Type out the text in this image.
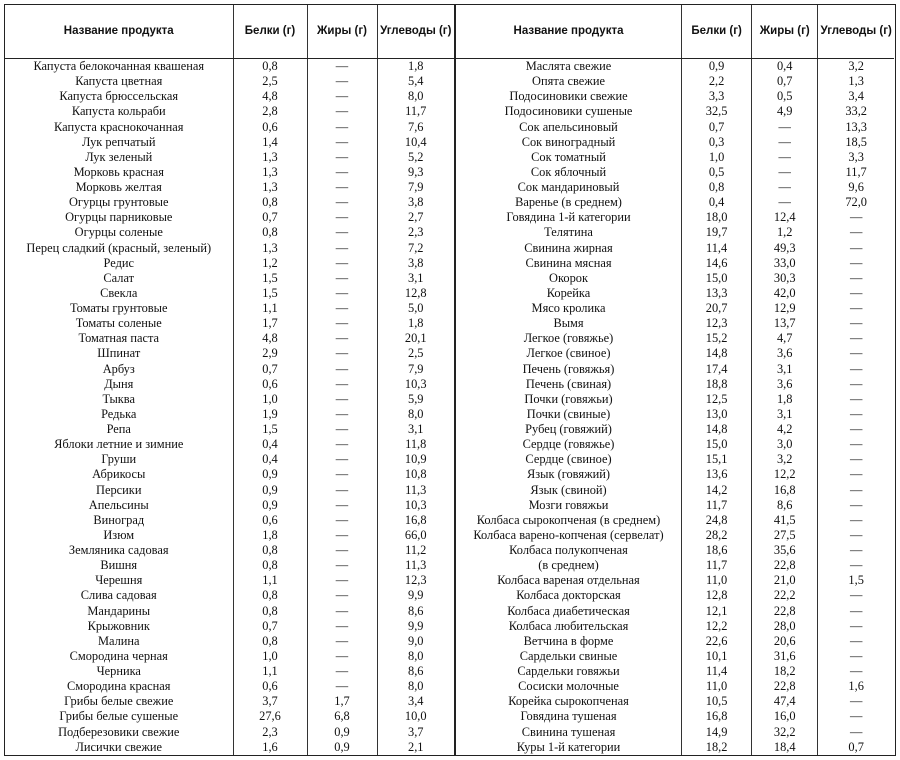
Название продукта	Белки (г)	Жиры (г)	Углеводы (г)
Капуста белокочанная квашеная	0,8	—	1,8
Капуста цветная	2,5	—	5,4
Капуста брюссельская	4,8	—	8,0
Капуста кольраби	2,8	—	11,7
Капуста краснокочанная	0,6	—	7,6
Лук репчатый	1,4	—	10,4
Лук зеленый	1,3	—	5,2
Морковь красная	1,3	—	9,3
Морковь желтая	1,3	—	7,9
Огурцы грунтовые	0,8	—	3,8
Огурцы парниковые	0,7	—	2,7
Огурцы соленые	0,8	—	2,3
Перец сладкий (красный, зеленый)	1,3	—	7,2
Редис	1,2	—	3,8
Салат	1,5	—	3,1
Свекла	1,5	—	12,8
Томаты грунтовые	1,1	—	5,0
Томаты соленые	1,7	—	1,8
Томатная паста	4,8	—	20,1
Шпинат	2,9	—	2,5
Арбуз	0,7	—	7,9
Дыня	0,6	—	10,3
Тыква	1,0	—	5,9
Редька	1,9	—	8,0
Репа	1,5	—	3,1
Яблоки летние и зимние	0,4	—	11,8
Груши	0,4	—	10,9
Абрикосы	0,9	—	10,8
Персики	0,9	—	11,3
Апельсины	0,9	—	10,3
Виноград	0,6	—	16,8
Изюм	1,8	—	66,0
Земляника садовая	0,8	—	11,2
Вишня	0,8	—	11,3
Черешня	1,1	—	12,3
Слива садовая	0,8	—	9,9
Мандарины	0,8	—	8,6
Крыжовник	0,7	—	9,9
Малина	0,8	—	9,0
Смородина черная	1,0	—	8,0
Черника	1,1	—	8,6
Смородина красная	0,6	—	8,0
Грибы белые свежие	3,7	1,7	3,4
Грибы белые сушеные	27,6	6,8	10,0
Подберезовики свежие	2,3	0,9	3,7
Лисички свежие	1,6	0,9	2,1
Название продукта	Белки (г)	Жиры (г)	Углеводы (г)
Маслята свежие	0,9	0,4	3,2
Опята свежие	2,2	0,7	1,3
Подосиновики свежие	3,3	0,5	3,4
Подосиновики сушеные	32,5	4,9	33,2
Сок апельсиновый	0,7	—	13,3
Сок виноградный	0,3	—	18,5
Сок томатный	1,0	—	3,3
Сок яблочный	0,5	—	11,7
Сок мандариновый	0,8	—	9,6
Варенье (в среднем)	0,4	—	72,0
Говядина 1-й категории	18,0	12,4	—
Телятина	19,7	1,2	—
Свинина жирная	11,4	49,3	—
Свинина мясная	14,6	33,0	—
Окорок	15,0	30,3	—
Корейка	13,3	42,0	—
Мясо кролика	20,7	12,9	—
Вымя	12,3	13,7	—
Легкое (говяжье)	15,2	4,7	—
Легкое (свиное)	14,8	3,6	—
Печень (говяжья)	17,4	3,1	—
Печень (свиная)	18,8	3,6	—
Почки (говяжьи)	12,5	1,8	—
Почки (свиные)	13,0	3,1	—
Рубец (говяжий)	14,8	4,2	—
Сердце (говяжье)	15,0	3,0	—
Сердце (свиное)	15,1	3,2	—
Язык (говяжий)	13,6	12,2	—
Язык (свиной)	14,2	16,8	—
Мозги говяжьи	11,7	8,6	—
Колбаса сырокопченая (в среднем)	24,8	41,5	—
Колбаса варено-копченая (сервелат)	28,2	27,5	—
Колбаса полукопченая	18,6	35,6	—
(в среднем)	11,7	22,8	—
Колбаса вареная отдельная	11,0	21,0	1,5
Колбаса докторская	12,8	22,2	—
Колбаса диабетическая	12,1	22,8	—
Колбаса любительская	12,2	28,0	—
Ветчина в форме	22,6	20,6	—
Сардельки свиные	10,1	31,6	—
Сардельки говяжьи	11,4	18,2	—
Сосиски молочные	11,0	22,8	1,6
Корейка сырокопченая	10,5	47,4	—
Говядина тушеная	16,8	16,0	—
Свинина тушеная	14,9	32,2	—
Куры 1-й категории	18,2	18,4	0,7
